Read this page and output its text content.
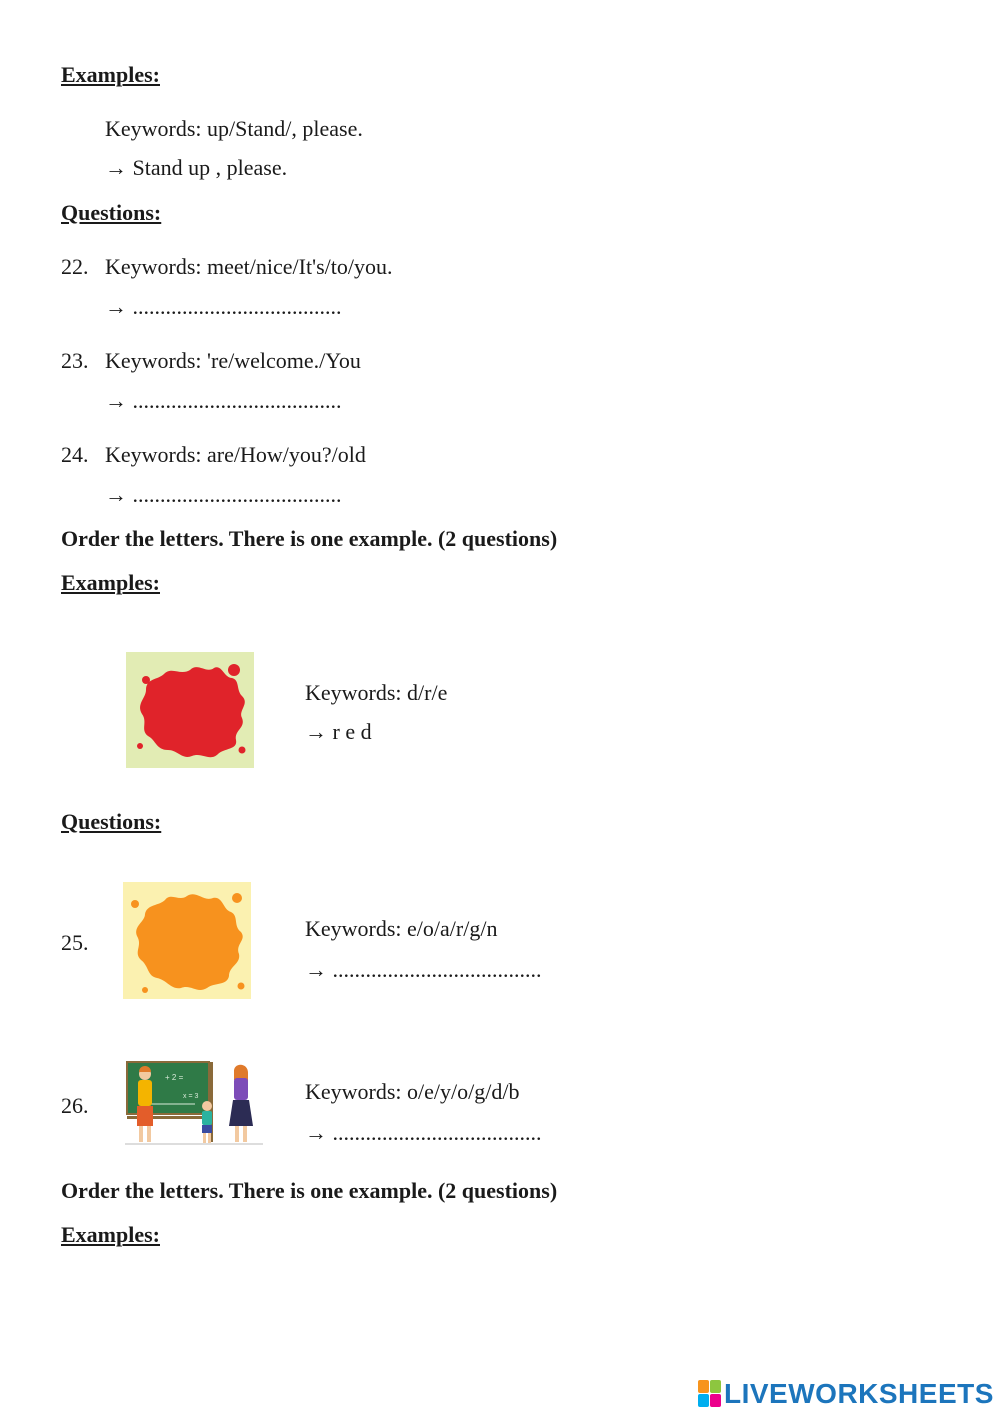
Examples:
Keywords: up/Stand/, please.
→ Stand up , please.
Questions:
22. Keywords: meet/nice/It's/to/you.
→ ......................................
23. Keywords: 're/welcome./You
→ ......................................
24. Keywords: are/How/you?/old
→ ......................................
Order the letters. There is one example. (2 questions)
Examples:
Keywords: d/r/e
→ r e d
Questions:
25.
Keywords: e/o/a/r/g/n
→ ......................................
26.
+ 2 =
x = 3	Keywords: o/e/y/o/g/d/b
→ ......................................
Order the letters. There is one example. (2 questions)
Examples:
LIVEWORKSHEETS
